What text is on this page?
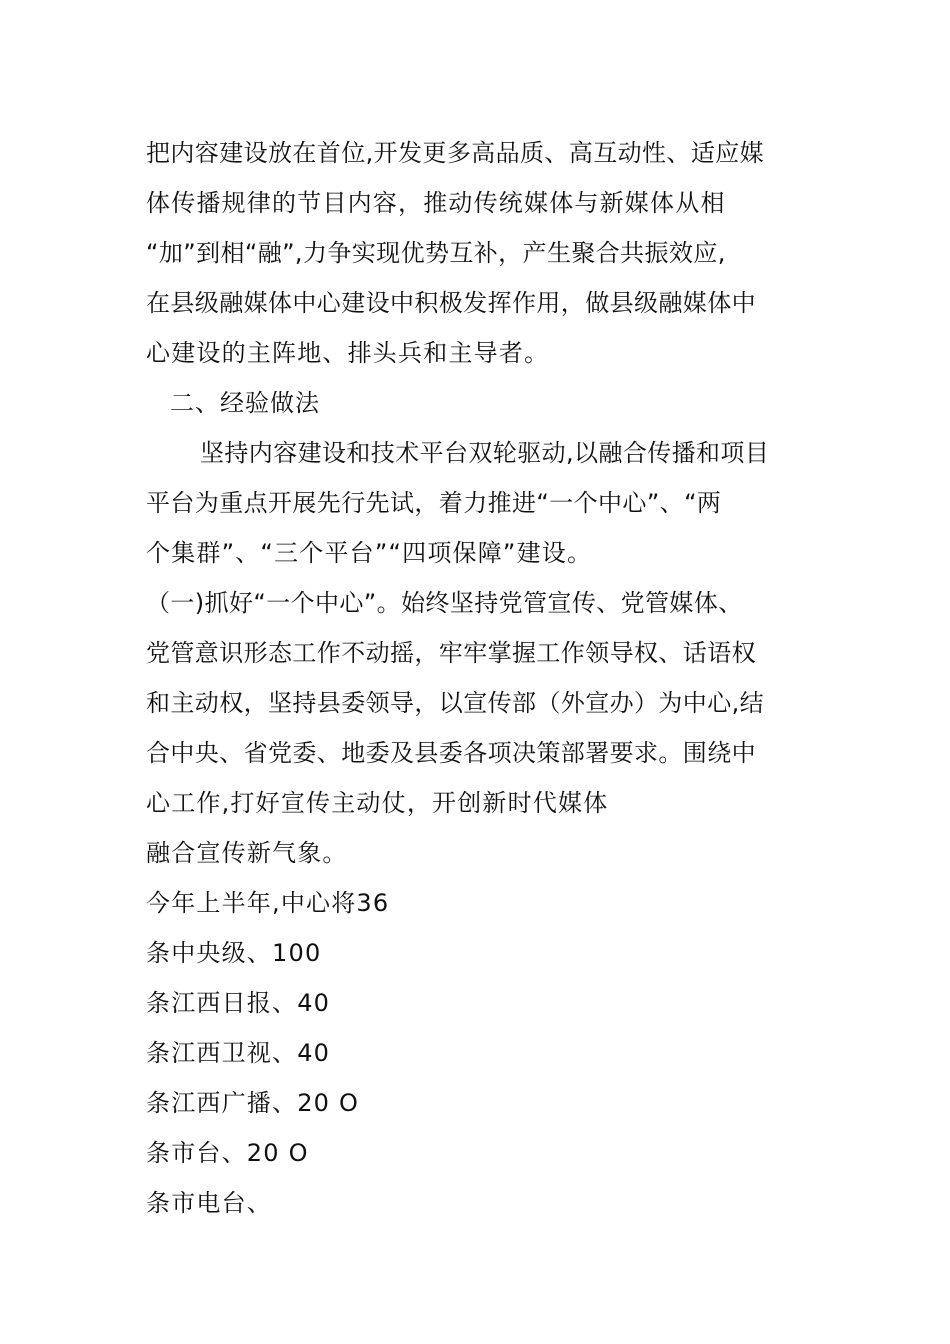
把内容建设放在首位,开发更多高品质、高互动性、适应媒
体传播规律的节目内容，推动传统媒体与新媒体从相
“加”到相“融”,力争实现优势互补，产生聚合共振效应,
在县级融媒体中心建设中积极发挥作用，做县级融媒体中
心建设的主阵地、排头兵和主导者。
二、经验做法
坚持内容建设和技术平台双轮驱动,以融合传播和项目
平台为重点开展先行先试，着力推进“一个中心”、“两
个集群”、“三个平台”“四项保障”建设。
（一)抓好“一个中心”。始终坚持党管宣传、党管媒体、
党管意识形态工作不动摇，牢牢掌握工作领导权、话语权
和主动权，坚持县委领导，以宣传部（外宣办）为中心,结
合中央、省党委、地委及县委各项决策部署要求。围绕中
心工作,打好宣传主动仗，开创新时代媒体
融合宣传新气象。
今年上半年,中心将36
条中央级、100
条江西日报、40
条江西卫视、40
条江西广播、20 O
条市台、20 O
条市电台、
